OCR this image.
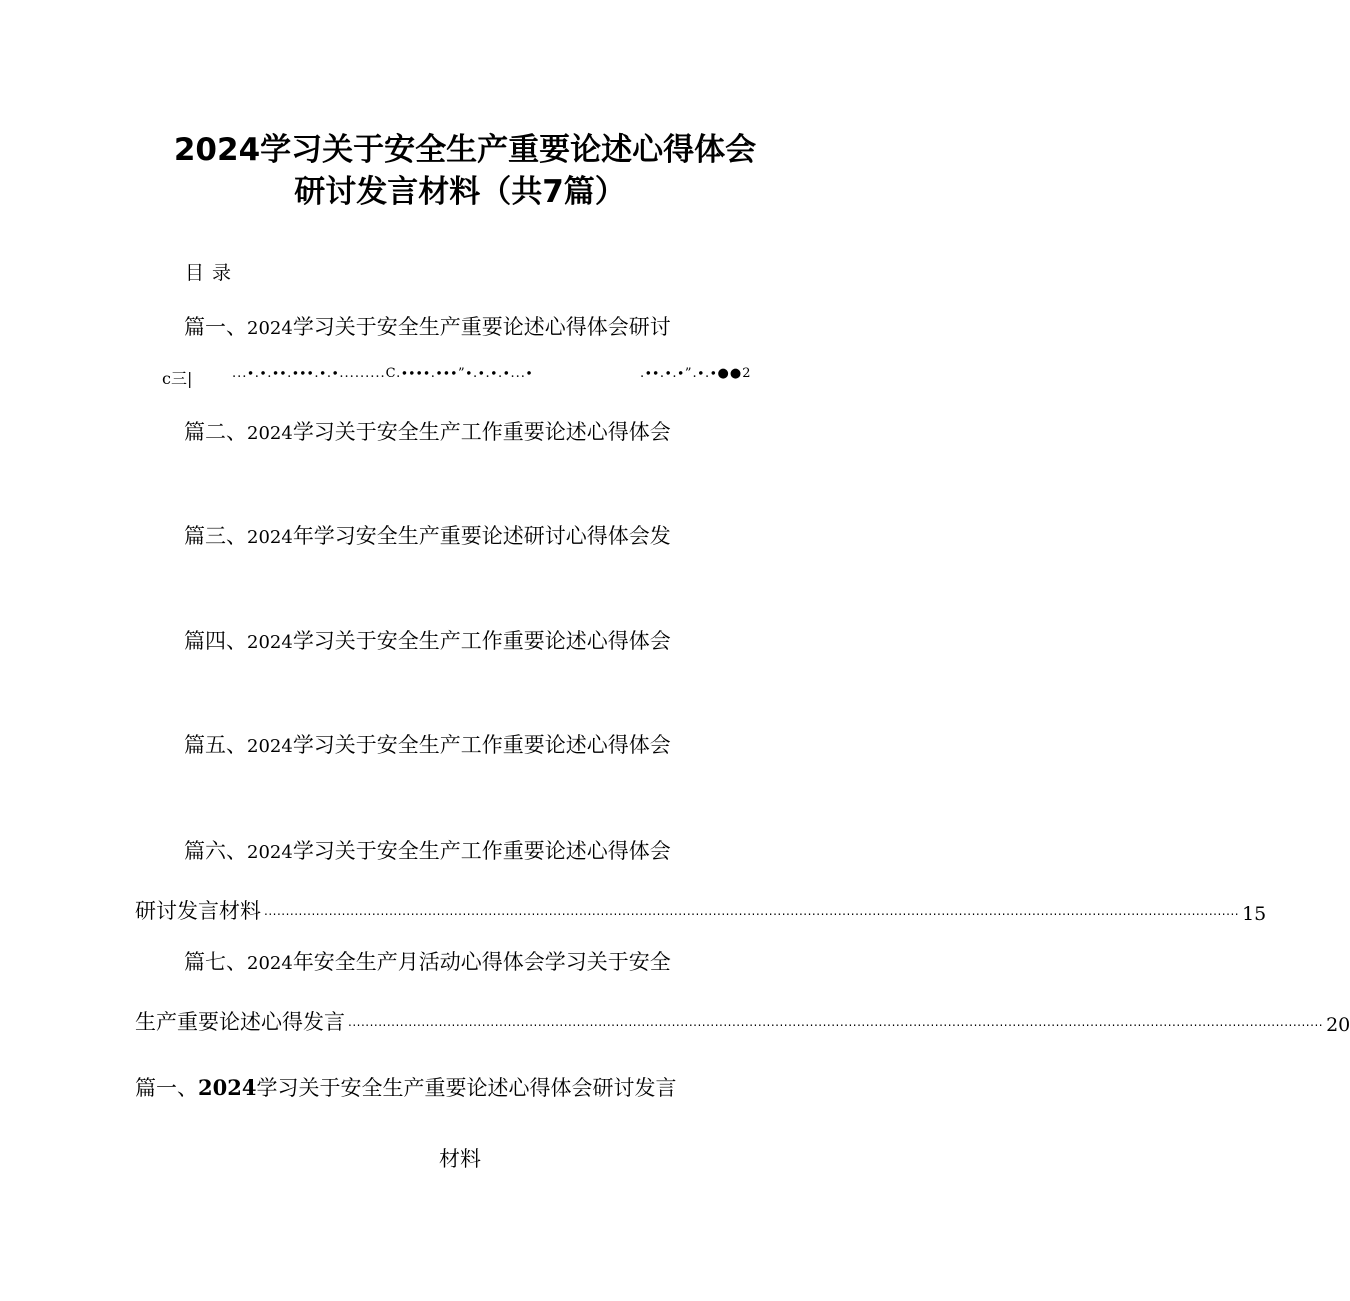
2024学习关于安全生产重要论述心得体会
研讨发言材料（共7篇）
目录
篇一、2024学习关于安全生产重要论述心得体会研讨
c三|	...∙.∙.∙∙.∙∙∙.∙.∙.........C.∙∙∙∙.∙∙∙”∙.∙.∙.∙...∙	.∙∙.∙.∙”.∙.∙●●2
篇二、2024学习关于安全生产工作重要论述心得体会
篇三、2024年学习安全生产重要论述研讨心得体会发
篇四、2024学习关于安全生产工作重要论述心得体会
篇五、2024学习关于安全生产工作重要论述心得体会
篇六、2024学习关于安全生产工作重要论述心得体会
研讨发言材料 .................................................................................................................................................................................................................................. 15
篇七、2024年安全生产月活动心得体会学习关于安全
生产重要论述心得发言 .................................................................................................................................................................................................................................. 20
篇一、2024学习关于安全生产重要论述心得体会研讨发言
材料
